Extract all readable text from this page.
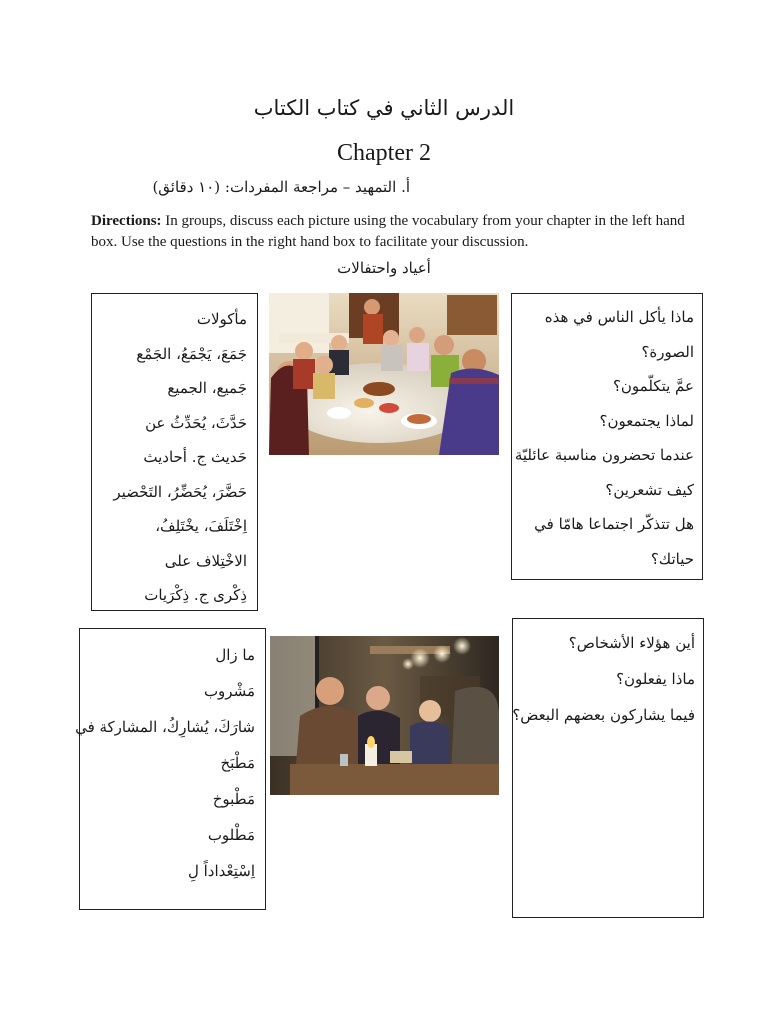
الدرس الثاني في كتاب الكتاب
Chapter 2
أ. التمهيد – مراجعة المفردات: (١٠ دقائق)
Directions: In groups, discuss each picture using the vocabulary from your chapter in the left hand box. Use the questions in the right hand box to facilitate your discussion.
أعياد واحتفالات
مأكولات
جَمَعَ، يَجْمَعُ، الجَمْع
جَميع، الجميع
حَدَّثَ، يُحَدِّثُ عن
حَديث ج. أحاديث
حَضَّرَ، يُحَضِّرُ، التَحْضير
اِخْتَلَفَ، يخْتَلِفُ،
الاخْتِلاف على
ذِكْرى ج. ذِكْرَيات
ماذا يأكل الناس في هذه
الصورة؟
عمَّ يتكلّمون؟
لماذا يجتمعون؟
عندما تحضرون مناسبة عائليّة
كيف تشعرين؟
هل تتذكّر اجتماعا هامّا في
حياتك؟
ما زال
مَشْروب
شارَكَ، يُشارِكُ، المشاركة في
مَطْبَخ
مَطْبوخ
مَطْلوب
اِسْتِعْداداً لِ
أين هؤلاء الأشخاص؟
ماذا يفعلون؟
فيما يشاركون بعضهم البعض؟
